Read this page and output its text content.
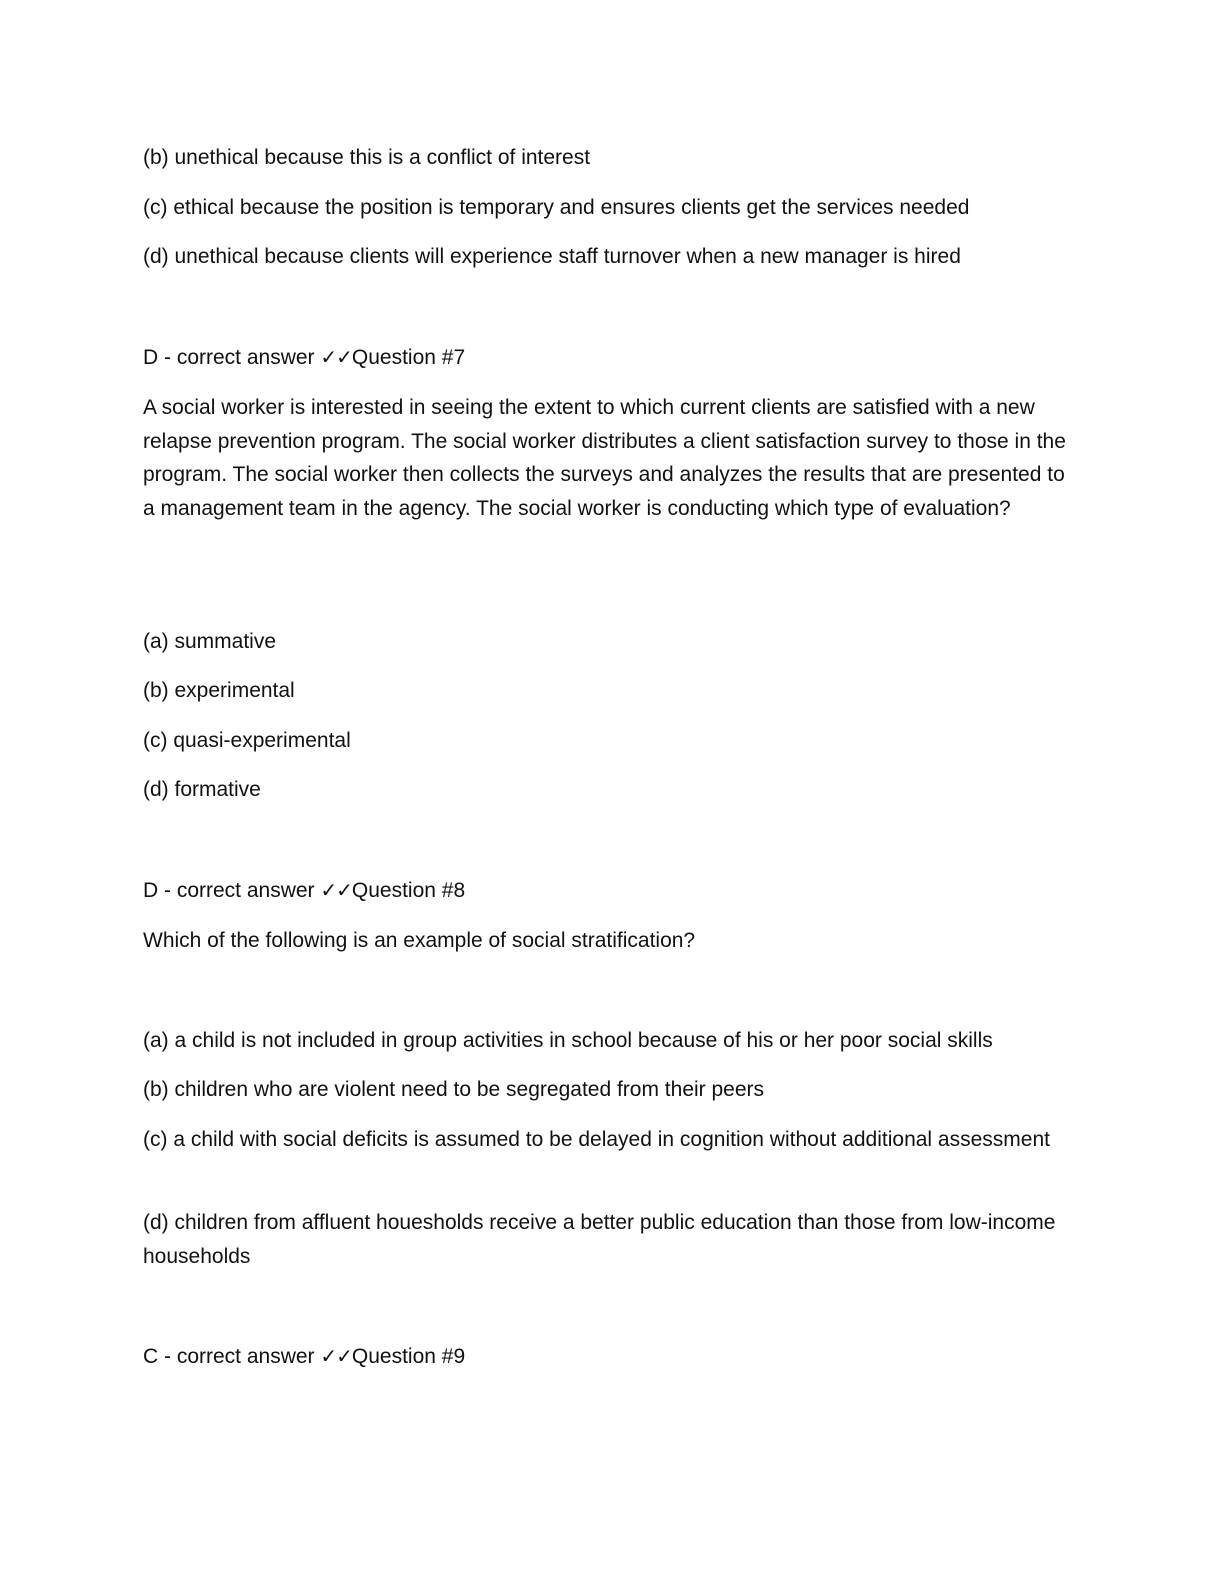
(b) unethical because this is a conflict of interest
(c) ethical because the position is temporary and ensures clients get the services needed
(d) unethical because clients will experience staff turnover when a new manager is hired
D - correct answer ✓✓Question #7
A social worker is interested in seeing the extent to which current clients are satisfied with a new relapse prevention program. The social worker distributes a client satisfaction survey to those in the program. The social worker then collects the surveys and analyzes the results that are presented to a management team in the agency. The social worker is conducting which type of evaluation?
(a) summative
(b) experimental
(c) quasi-experimental
(d) formative
D - correct answer ✓✓Question #8
Which of the following is an example of social stratification?
(a) a child is not included in group activities in school because of his or her poor social skills
(b) children who are violent need to be segregated from their peers
(c) a child with social deficits is assumed to be delayed in cognition without additional assessment
(d) children from affluent houesholds receive a better public education than those from low-income households
C - correct answer ✓✓Question #9
